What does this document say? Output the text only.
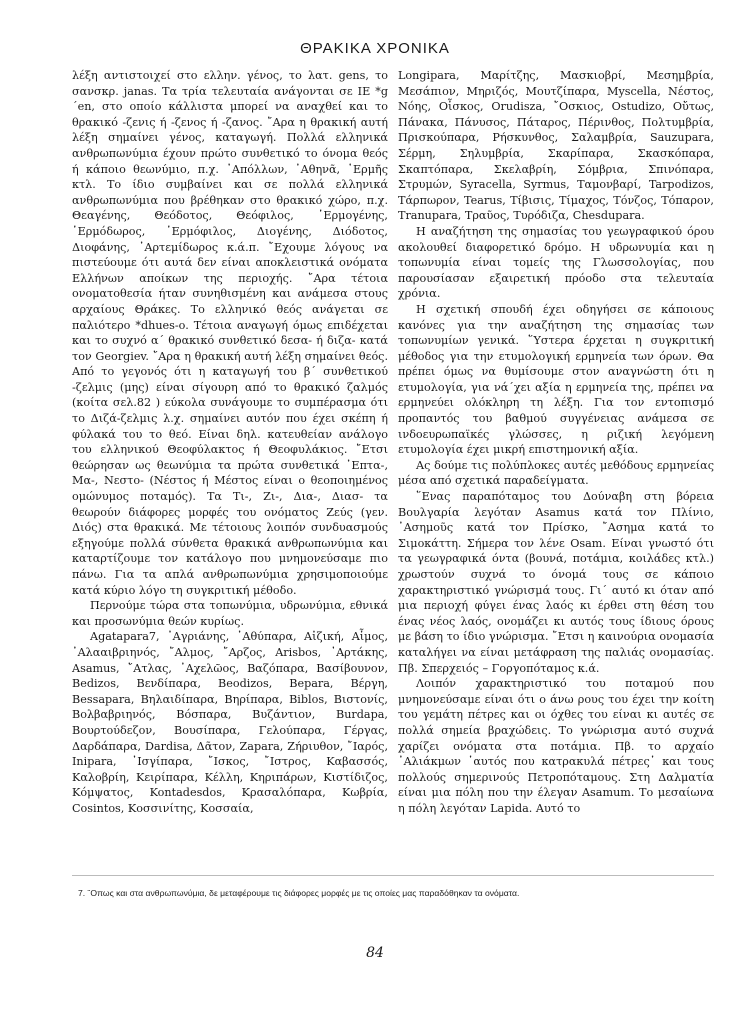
ΘΡΑΚΙΚΑ ΧΡΟΝΙΚΑ

λέξη αντιστοιχεί στο ελλην. γένος, το λατ. gens, το σανσκρ. janas. Τα τρία τελευταία ανάγονται σε ΙΕ *g´en, στο οποίο κάλλιστα μπορεί να αναχθεί και το θρακικό -ζενις ή -ζενος ή -ζανος. ῎Αρα η θρακική αυτή λέξη σημαίνει γένος, καταγωγή. Πολλά ελληνικά ανθρωπωνύμια έχουν πρώτο συνθετικό το όνομα θεός ή κάποιο θεωνύμιο, π.χ. ᾿Απόλλων, ᾿Αθηνᾶ, ῾Ερμῆς κτλ. Το ίδιο συμβαίνει και σε πολλά ελληνικά ανθρωπωνύμια που βρέθηκαν στο θρακικό χώρο, π.χ. Θεαγένης, Θεόδοτος, Θεόφιλος, ῾Ερμογένης, ῾Ερμόδωρος, ῾Ερμόφιλος, Διογένης, Διόδοτος, Διοφάνης, ᾿Αρτεμίδωρος κ.ά.π. ῎Εχουμε λόγους να πιστεύουμε ότι αυτά δεν είναι αποκλειστικά ονόματα Ελλήνων αποίκων της περιοχής. ῎Αρα τέτοια ονοματοθεσία ήταν συνηθισμένη και ανάμεσα στους αρχαίους Θράκες. Το ελληνικό θεός ανάγεται σε παλιότερο *dhues-o. Τέτοια αναγωγή όμως επιδέχεται και το συχνό α´ θρακικό συνθετικό δεσα- ή διζα- κατά τον Georgiev. ῎Αρα η θρακική αυτή λέξη σημαίνει θεός. Από το γεγονός ότι η καταγωγή του β´ συνθετικού -ζελμις (μης) είναι σίγουρη από το θρακικό ζαλμός (κοίτα σελ.82 ) εύκολα συνάγουμε το συμπέρασμα ότι το Διζά-ζελμις λ.χ. σημαίνει αυτόν που έχει σκέπη ή φύλακά του το θεό. Είναι δηλ. κατευθείαν ανάλογο του ελληνικού Θεοφύλακτος ή Θεοφυλάκιος. ῎Ετσι θεώρησαν ως θεωνύμια τα πρώτα συνθετικά ᾿Επτα-, Μα-, Νεστο- (Νέστος ή Μέστος είναι ο θεοποιημένος ομώνυμος ποταμός). Τα Τι-, Ζι-, Δια-, Διασ- τα θεωρούν διάφορες μορφές του ονόματος Ζεύς (γεν. Διός) στα θρακικά. Με τέτοιους λοιπόν συνδυασμούς εξηγούμε πολλά σύνθετα θρακικά ανθρωπωνύμια και καταρτίζουμε τον κατάλογο που μνημονεύσαμε πιο πάνω. Για τα απλά ανθρωπωνύμια χρησιμοποιούμε κατά κύριο λόγο τη συγκριτική μέθοδο.

Περνούμε τώρα στα τοπωνύμια, υδρωνύμια, εθνικά και προσωνύμια θεών κυρίως.

Agatapara7, ᾿Αγριάνης, ᾿Αθύπαρα, Αἰζική, Αἶμος, ᾿Αλααιβριηνός, ῎Αλμος, ῎Αρζος, Arisbos, ᾿Αρτάκης, Asamus, ῎Ατλας, ᾿Αχελῶος, Βαζόπαρα, Βασίβουνον, Bedizos, Βενδίπαρα, Beodizos, Bepara, Βέργη, Bessapara, Βηλαιδίπαρα, Βηρίπαρα, Biblos, Βιστονίς, Βολβαβριηνός, Βόσπαρα, Βυζάντιον, Burdapa, Βουρτούδεζον, Βουσίπαρα, Γελούπαρα, Γέργας, Δαρδάπαρα, Dardisa, Δᾶτον, Zapara, Ζήριυθον, ῎Ιαρός, Inipara, ᾿Ισγίπαρα, ῎Ισκος, ῎Ιστρος, Καβασσός, Καλοβρίη, Κειρίπαρα, Κέλλη, Κηριπάρων, Κιστίδιζος, Κόμψατος, Kontadesdos, Κρασαλόπαρα, Κωβρία, Cosintos, Κοσσινίτης, Κοσσαία,

Longipara, Μαρίτζης, Μασκιοβρί, Μεσημβρία, Μεσάπιον, Μηριζός, Μουτζίπαρα, Myscella, Νέστος, Νόης, Οἶσκος, Orudisza, ῎Οσκιος, Ostudizo, Οὔτως, Πάνακα, Πάνυσος, Πάταρος, Πέρινθος, Πολτυμβρία, Πρισκούπαρα, Ρήσκυνθος, Σαλαμβρία, Sauzupara, Σέρμη, Σηλυμβρία, Σκαρίπαρα, Σκασκόπαρα, Σκαπτόπαρα, Σκελαβρίη, Σόμβρια, Σπινόπαρα, Στρυμών, Syracella, Syrmus, Ταμονβαρί, Tarpodizos, Τάρπωρον, Tearus, Τίβισις, Τίμαχος, Τόνζος, Τόπαρον, Tranupara, Τραῦος, Τυρόδιζα, Chesdupara.

Η αναζήτηση της σημασίας του γεωγραφικού όρου ακολουθεί διαφορετικό δρόμο. Η υδρωνυμία και η τοπωνυμία είναι τομείς της Γλωσσολογίας, που παρουσίασαν εξαιρετική πρόοδο στα τελευταία χρόνια.

Η σχετική σπουδή έχει οδηγήσει σε κάποιους κανόνες για την αναζήτηση της σημασίας των τοπωνυμίων γενικά. ῞Υστερα έρχεται η συγκριτική μέθοδος για την ετυμολογική ερμηνεία των όρων. Θα πρέπει όμως να θυμίσουμε στον αναγνώστη ότι η ετυμολογία, για νά´χει αξία η ερμηνεία της, πρέπει να ερμηνεύει ολόκληρη τη λέξη. Για τον εντοπισμό προπαντός του βαθμού συγγένειας ανάμεσα σε ινδοευρωπαϊκές γλώσσες, η ριζική λεγόμενη ετυμολογία έχει μικρή επιστημονική αξία.

Ας δούμε τις πολύπλοκες αυτές μεθόδους ερμηνείας μέσα από σχετικά παραδείγματα.

῞Ενας παραπόταμος του Δούναβη στη βόρεια Βουλγαρία λεγόταν Asamus κατά τον Πλίνιο, ᾿Ασημοῦς κατά τον Πρίσκο, ῎Ασημα κατά το Σιμοκάττη. Σήμερα τον λένε Osam. Είναι γνωστό ότι τα γεωγραφικά όντα (βουνά, ποτάμια, κοιλάδες κτλ.) χρωστούν συχνά το όνομά τους σε κάποιο χαρακτηριστικό γνώρισμά τους. Γι´ αυτό κι όταν από μια περιοχή φύγει ένας λαός κι έρθει στη θέση του ένας νέος λαός, ονομάζει κι αυτός τους ίδιους όρους με βάση το ίδιο γνώρισμα. ῎Ετσι η καινούρια ονομασία καταλήγει να είναι μετάφραση της παλιάς ονομασίας. Πβ. Σπερχειός – Γοργοπόταμος κ.ά.

Λοιπόν χαρακτηριστικό του ποταμού που μνημονεύσαμε είναι ότι ο άνω ρους του έχει την κοίτη του γεμάτη πέτρες και οι όχθες του είναι κι αυτές σε πολλά σημεία βραχώδεις. Το γνώρισμα αυτό συχνά χαρίζει ονόματα στα ποτάμια. Πβ. το αρχαίο ᾿Αλιάκμων ῾αυτός που κατρακυλά πέτρες῾ και τους πολλούς σημερινούς Πετροπόταμους. Στη Δαλματία είναι μια πόλη που την έλεγαν Asamum. Το μεσαίωνα η πόλη λεγόταν Lapida. Αυτό το

7. ῞Οπως και στα ανθρωπωνύμια, δε μεταφέρουμε τις διάφορες μορφές με τις οποίες μας παραδόθηκαν τα ονόματα.
84
